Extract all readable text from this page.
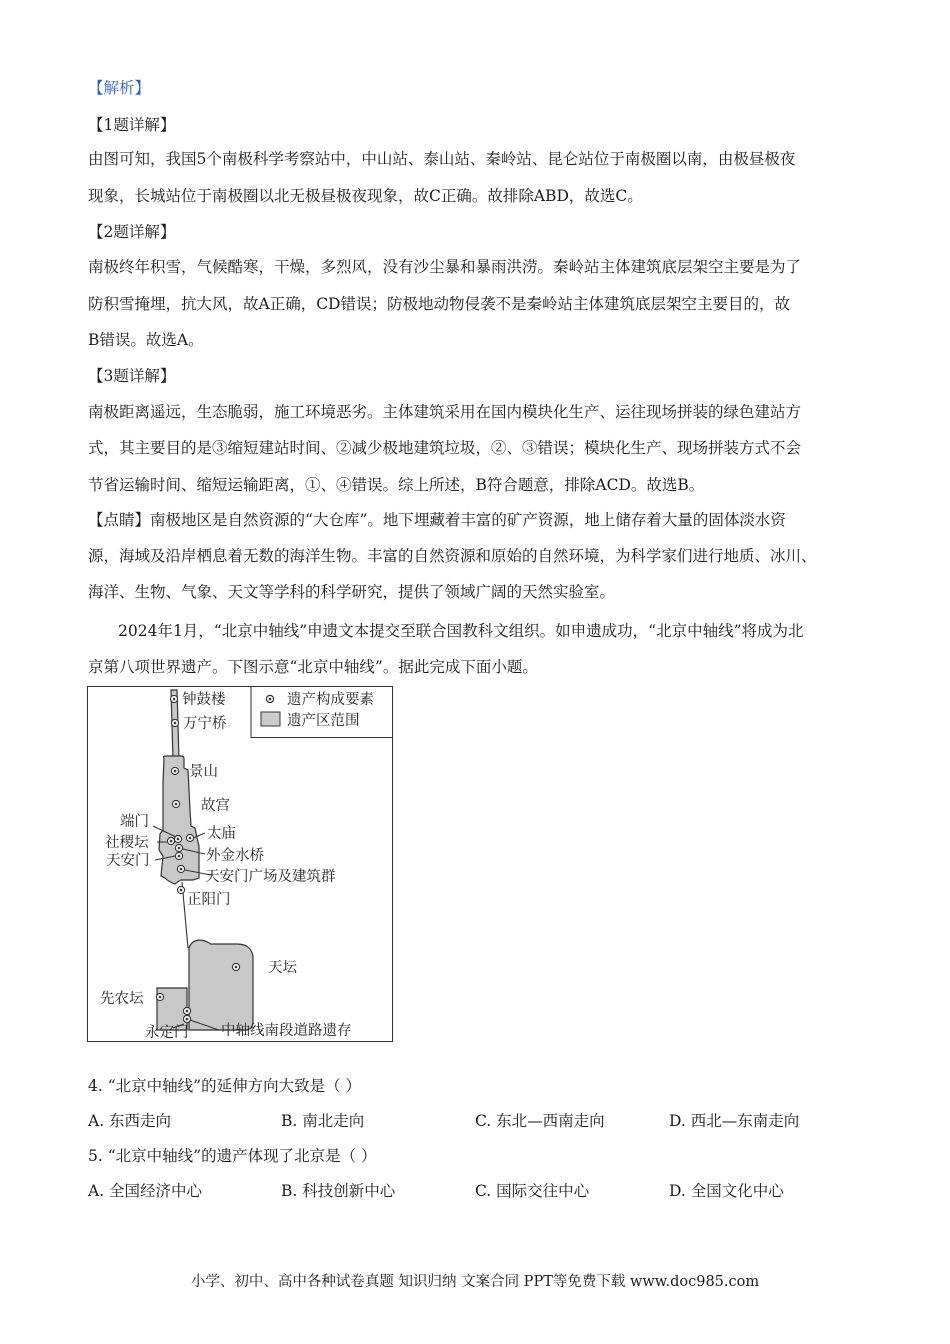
【解析】
【1题详解】
由图可知，我国5个南极科学考察站中，中山站、泰山站、秦岭站、昆仑站位于南极圈以南，由极昼极夜
现象，长城站位于南极圈以北无极昼极夜现象，故C正确。故排除ABD，故选C。
【2题详解】
南极终年积雪，气候酷寒，干燥，多烈风，没有沙尘暴和暴雨洪涝。秦岭站主体建筑底层架空主要是为了
防积雪掩埋，抗大风，故A正确，CD错误；防极地动物侵袭不是秦岭站主体建筑底层架空主要目的，故
B错误。故选A。
【3题详解】
南极距离遥远，生态脆弱，施工环境恶劣。主体建筑采用在国内模块化生产、运往现场拼装的绿色建站方
式，其主要目的是③缩短建站时间、②减少极地建筑垃圾，②、③错误；模块化生产、现场拼装方式不会
节省运输时间、缩短运输距离，①、④错误。综上所述，B符合题意，排除ACD。故选B。
【点睛】南极地区是自然资源的“大仓库”。地下埋藏着丰富的矿产资源，地上储存着大量的固体淡水资
源，海域及沿岸栖息着无数的海洋生物。丰富的自然资源和原始的自然环境，为科学家们进行地质、冰川、
海洋、生物、气象、天文等学科的科学研究，提供了领域广阔的天然实验室。
2024年1月，“北京中轴线”申遗文本提交至联合国教科文组织。如申遗成功，“北京中轴线”将成为北
京第八项世界遗产。下图示意“北京中轴线”。据此完成下面小题。
遗产构成要素
遗产区范围
钟鼓楼
万宁桥
景山
故宫
端门
太庙
社稷坛
外金水桥
天安门
天安门广场及建筑群
正阳门
天坛
先农坛
中轴线南段道路遗存
永定门
4. “北京中轴线”的延伸方向大致是（ ）
A. 东西走向	B. 南北走向	C. 东北—西南走向	D. 西北—东南走向
5. “北京中轴线”的遗产体现了北京是（ ）
A. 全国经济中心	B. 科技创新中心	C. 国际交往中心	D. 全国文化中心
小学、初中、高中各种试卷真题 知识归纳 文案合同 PPT等免费下载 www.doc985.com
